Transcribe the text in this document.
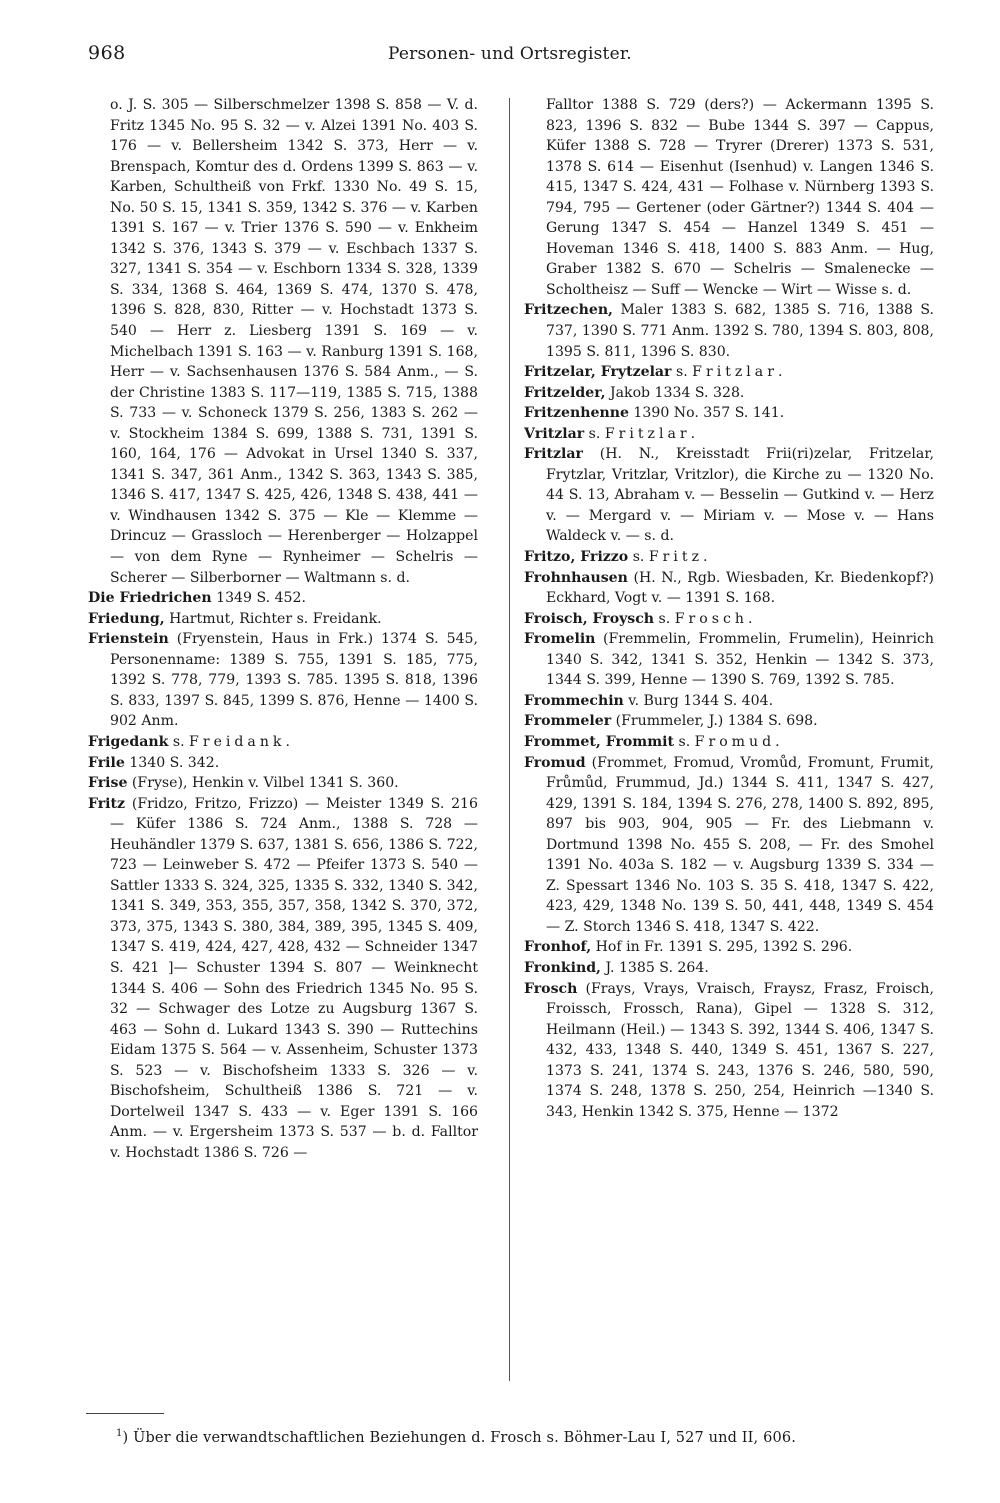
968	Personen- und Ortsregister.

o. J. S. 305 — Silberschmelzer 1398 S. 858 — V. d. Fritz 1345 No. 95 S. 32 — v. Alzei 1391 No. 403 S. 176 — v. Bellersheim 1342 S. 373, Herr — v. Brenspach, Komtur des d. Ordens 1399 S. 863 — v. Karben, Schultheiß von Frkf. 1330 No. 49 S. 15, No. 50 S. 15, 1341 S. 359, 1342 S. 376 — v. Karben 1391 S. 167 — v. Trier 1376 S. 590 — v. Enkheim 1342 S. 376, 1343 S. 379 — v. Eschbach 1337 S. 327, 1341 S. 354 — v. Eschborn 1334 S. 328, 1339 S. 334, 1368 S. 464, 1369 S. 474, 1370 S. 478, 1396 S. 828, 830, Ritter — v. Hochstadt 1373 S. 540 — Herr z. Liesberg 1391 S. 169 — v. Michelbach 1391 S. 163 — v. Ranburg 1391 S. 168, Herr — v. Sachsenhausen 1376 S. 584 Anm., — S. der Christine 1383 S. 117—119, 1385 S. 715, 1388 S. 733 — v. Schoneck 1379 S. 256, 1383 S. 262 — v. Stockheim 1384 S. 699, 1388 S. 731, 1391 S. 160, 164, 176 — Advokat in Ursel 1340 S. 337, 1341 S. 347, 361 Anm., 1342 S. 363, 1343 S. 385, 1346 S. 417, 1347 S. 425, 426, 1348 S. 438, 441 — v. Windhausen 1342 S. 375 — Kle — Klemme — Drincuz — Grassloch — Herenberger — Holzappel — von dem Ryne — Rynheimer — Schelris — Scherer — Silberborner — Waltmann s. d.

Die Friedrichen 1349 S. 452.

Friedung, Hartmut, Richter s. Freidank.

Frienstein (Fryenstein, Haus in Frk.) 1374 S. 545, Personenname: 1389 S. 755, 1391 S. 185, 775, 1392 S. 778, 779, 1393 S. 785. 1395 S. 818, 1396 S. 833, 1397 S. 845, 1399 S. 876, Henne — 1400 S. 902 Anm.

Frigedank s. Freidank.

Frile 1340 S. 342.

Frise (Fryse), Henkin v. Vilbel 1341 S. 360.

Fritz (Fridzo, Fritzo, Frizzo) — Meister 1349 S. 216 — Küfer 1386 S. 724 Anm., 1388 S. 728 — Heuhändler 1379 S. 637, 1381 S. 656, 1386 S. 722, 723 — Leinweber S. 472 — Pfeifer 1373 S. 540 — Sattler 1333 S. 324, 325, 1335 S. 332, 1340 S. 342, 1341 S. 349, 353, 355, 357, 358, 1342 S. 370, 372, 373, 375, 1343 S. 380, 384, 389, 395, 1345 S. 409, 1347 S. 419, 424, 427, 428, 432 — Schneider 1347 S. 421 ]— Schuster 1394 S. 807 — Weinknecht 1344 S. 406 — Sohn des Friedrich 1345 No. 95 S. 32 — Schwager des Lotze zu Augsburg 1367 S. 463 — Sohn d. Lukard 1343 S. 390 — Ruttechins Eidam 1375 S. 564 — v. Assenheim, Schuster 1373 S. 523 — v. Bischofsheim 1333 S. 326 — v. Bischofsheim, Schultheiß 1386 S. 721 — v. Dortelweil 1347 S. 433 — v. Eger 1391 S. 166 Anm. — v. Ergersheim 1373 S. 537 — b. d. Falltor v. Hochstadt 1386 S. 726 —

Falltor 1388 S. 729 (ders?) — Ackermann 1395 S. 823, 1396 S. 832 — Bube 1344 S. 397 — Cappus, Küfer 1388 S. 728 — Tryrer (Drerer) 1373 S. 531, 1378 S. 614 — Eisenhut (Isenhud) v. Langen 1346 S. 415, 1347 S. 424, 431 — Folhase v. Nürnberg 1393 S. 794, 795 — Gertener (oder Gärtner?) 1344 S. 404 — Gerung 1347 S. 454 — Hanzel 1349 S. 451 — Hoveman 1346 S. 418, 1400 S. 883 Anm. — Hug, Graber 1382 S. 670 — Schelris — Smalenecke — Scholtheisz — Suff — Wencke — Wirt — Wisse s. d.

Fritzechen, Maler 1383 S. 682, 1385 S. 716, 1388 S. 737, 1390 S. 771 Anm. 1392 S. 780, 1394 S. 803, 808, 1395 S. 811, 1396 S. 830.

Fritzelar, Frytzelar s. Fritzlar.

Fritzelder, Jakob 1334 S. 328.

Fritzenhenne 1390 No. 357 S. 141.

Vritzlar s. Fritzlar.

Fritzlar (H. N., Kreisstadt Frii(ri)zelar, Fritzelar, Frytzlar, Vritzlar, Vritzlor), die Kirche zu — 1320 No. 44 S. 13, Abraham v. — Besselin — Gutkind v. — Herz v. — Mergard v. — Miriam v. — Mose v. — Hans Waldeck v. — s. d.

Fritzo, Frizzo s. Fritz.

Frohnhausen (H. N., Rgb. Wiesbaden, Kr. Biedenkopf?) Eckhard, Vogt v. — 1391 S. 168.

Froisch, Froysch s. Frosch.

Fromelin (Fremmelin, Frommelin, Frumelin), Heinrich 1340 S. 342, 1341 S. 352, Henkin — 1342 S. 373, 1344 S. 399, Henne — 1390 S. 769, 1392 S. 785.

Frommechin v. Burg 1344 S. 404.

Frommeler (Frummeler, J.) 1384 S. 698.

Frommet, Frommit s. Fromud.

Fromud (Frommet, Fromud, Vromůd, Fromunt, Frumit, Frůmůd, Frummud, Jd.) 1344 S. 411, 1347 S. 427, 429, 1391 S. 184, 1394 S. 276, 278, 1400 S. 892, 895, 897 bis 903, 904, 905 — Fr. des Liebmann v. Dortmund 1398 No. 455 S. 208, — Fr. des Smohel 1391 No. 403a S. 182 — v. Augsburg 1339 S. 334 — Z. Spessart 1346 No. 103 S. 35 S. 418, 1347 S. 422, 423, 429, 1348 No. 139 S. 50, 441, 448, 1349 S. 454 — Z. Storch 1346 S. 418, 1347 S. 422.

Fronhof, Hof in Fr. 1391 S. 295, 1392 S. 296.

Fronkind, J. 1385 S. 264.

Frosch (Frays, Vrays, Vraisch, Fraysz, Frasz, Froisch, Froissch, Frossch, Rana), Gipel — 1328 S. 312, Heilmann (Heil.) — 1343 S. 392, 1344 S. 406, 1347 S. 432, 433, 1348 S. 440, 1349 S. 451, 1367 S. 227, 1373 S. 241, 1374 S. 243, 1376 S. 246, 580, 590, 1374 S. 248, 1378 S. 250, 254, Heinrich —1340 S. 343, Henkin 1342 S. 375, Henne — 1372

$^1$) Über die verwandtschaftlichen Beziehungen d. Frosch s. Böhmer-Lau I, 527 und II, 606.
